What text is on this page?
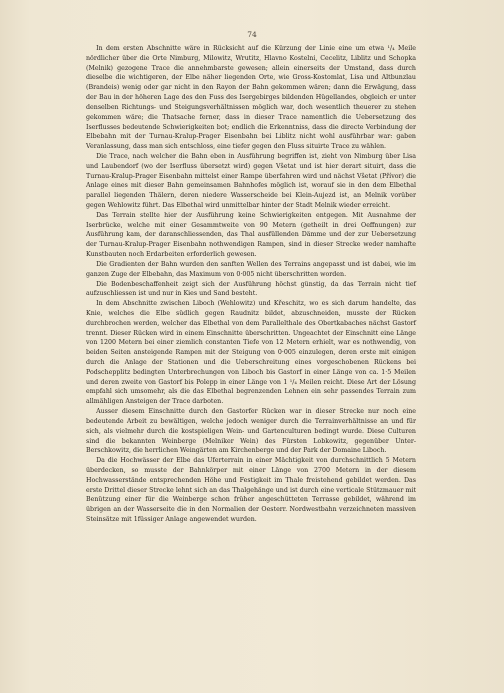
74

In dem ersten Abschnitte wäre in Rücksicht auf die Kürzung der Linie eine um etwa ¹/₄ Meile nördlicher über die Orte Nimburg, Milowitz, Wrutitz, Hlavno Kostelni, Cecelitz, Liblitz und Schopka (Melnik) gezogene Trace die annehmbarste gewesen; allein einerseits der Umstand, dass durch dieselbe die wichtigeren, der Elbe näher liegenden Orte, wie Gross-Kostomlat, Lisa und Altbunzlau (Brandeis) wenig oder gar nicht in den Rayon der Bahn gekommen wären; dann die Erwägung, dass der Bau in der höheren Lage des den Fuss des Isergebirges bildenden Hügellandes, obgleich er unter denselben Richtungs- und Steigungsverhältnissen möglich war, doch wesentlich theuerer zu stehen gekommen wäre; die Thatsache ferner, dass in dieser Trace namentlich die Uebersetzung des Iserflusses bedeutende Schwierigkeiten bot; endlich die Erkenntniss, dass die directe Verbindung der Elbebahn mit der Turnau-Kralup-Prager Eisenbahn bei Liblitz nicht wohl ausführbar war: gaben Veranlassung, dass man sich entschloss, eine tiefer gegen den Fluss situirte Trace zu wählen.

Die Trace, nach welcher die Bahn eben in Ausführung begriffen ist, zieht von Nimburg über Lisa und Laubendorf (wo der Iserfluss übersetzt wird) gegen Všetat und ist hier derart situirt, dass die Turnau-Kralup-Prager Eisenbahn mittelst einer Rampe überfahren wird und nächst Všetat (Přívor) die Anlage eines mit dieser Bahn gemeinsamen Bahnhofes möglich ist, worauf sie in den dem Elbethal parallel liegenden Thälern, deren niedere Wasserscheide bei Klein-Aujezd ist, an Melnik vorüber gegen Wehlowitz führt. Das Elbethal wird unmittelbar hinter der Stadt Melnik wieder erreicht.

Das Terrain stellte hier der Ausführung keine Schwierigkeiten entgegen. Mit Ausnahme der Iserbrücke, welche mit einer Gesammtweite von 90 Metern (getheilt in drei Oeffnungen) zur Ausführung kam, der daranschliessenden, das Thal ausfüllenden Dämme und der zur Uebersetzung der Turnau-Kralup-Prager Eisenbahn nothwendigen Rampen, sind in dieser Strecke weder namhafte Kunstbauten noch Erdarbeiten erforderlich gewesen.

Die Gradienten der Bahn wurden den sanften Wellen des Terrains angepasst und ist dabei, wie im ganzen Zuge der Elbebahn, das Maximum von 0·005 nicht überschritten worden.

Die Bodenbeschaffenheit zeigt sich der Ausführung höchst günstig, da das Terrain nicht tief aufzuschliessen ist und nur in Kies und Sand besteht.

In dem Abschnitte zwischen Liboch (Wehlowitz) und Křeschitz, wo es sich darum handelte, das Knie, welches die Elbe südlich gegen Raudnitz bildet, abzuschneiden, musste der Rücken durchbrochen werden, welcher das Elbethal von dem Parallelthale des Obertkabaches nächst Gastorf trennt. Dieser Rücken wird in einem Einschnitte überschritten. Ungeachtet der Einschnitt eine Länge von 1200 Metern bei einer ziemlich constanten Tiefe von 12 Metern erhielt, war es nothwendig, von beiden Seiten ansteigende Rampen mit der Steigung von 0·005 einzulegen, deren erste mit einigen durch die Anlage der Stationen und die Ueberschreitung eines vorgeschobenen Rückens bei Podschepplitz bedingten Unterbrechungen von Liboch bis Gastorf in einer Länge von ca. 1·5 Meilen und deren zweite von Gastorf bis Polepp in einer Länge von 1 ¹/₄ Meilen reicht. Diese Art der Lösung empfahl sich umsomehr, als die das Elbethal begrenzenden Lehnen ein sehr passendes Terrain zum allmähligen Ansteigen der Trace darboten.

Ausser diesem Einschnitte durch den Gastorfer Rücken war in dieser Strecke nur noch eine bedeutende Arbeit zu bewältigen, welche jedoch weniger durch die Terrainverhältnisse an und für sich, als vielmehr durch die kostspieligen Wein- und Gartenculturen bedingt wurde. Diese Culturen sind die bekannten Weinberge (Melniker Wein) des Fürsten Lobkowitz, gegenüber Unter-Berschkowitz, die herrlichen Weingärten am Kirchenberge und der Park der Domaine Liboch.

Da die Hochwässer der Elbe das Uferterrain in einer Mächtigkeit von durchschnittlich 5 Metern überdecken, so musste der Bahnkörper mit einer Länge von 2700 Metern in der diesem Hochwasserstände entsprechenden Höhe und Festigkeit im Thale freistehend gebildet werden. Das erste Drittel dieser Strecke lehnt sich an das Thalgehänge und ist durch eine verticale Stützmauer mit Benützung einer für die Weinberge schon früher angeschütteten Terrasse gebildet, während im übrigen an der Wasserseite die in den Normalien der Oesterr. Nordwestbahn verzeichneten massiven Steinsätze mit 1füssiger Anlage angewendet wurden.
